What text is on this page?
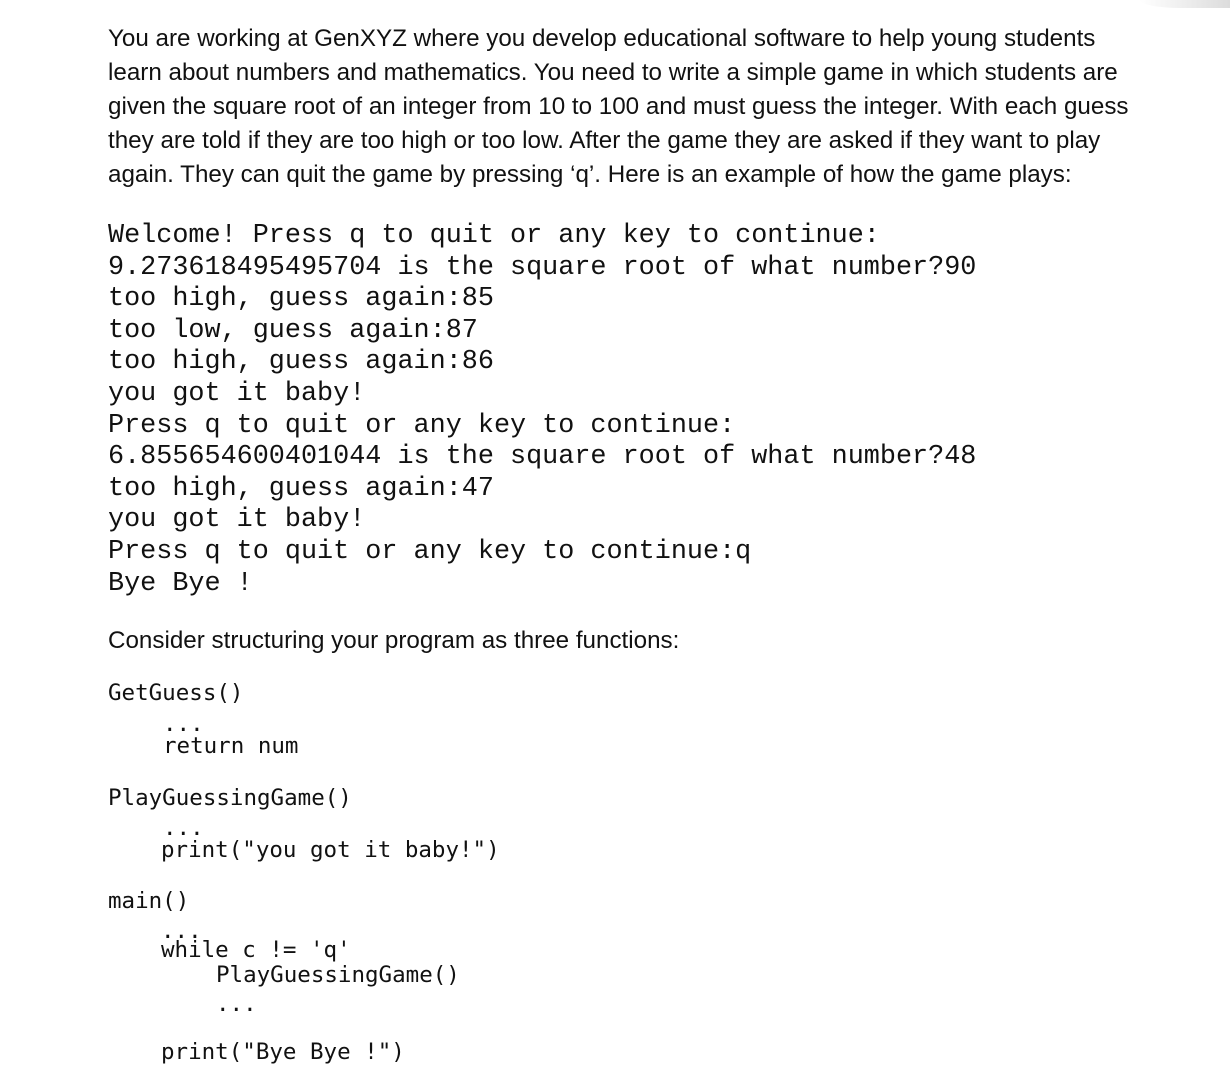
You are working at GenXYZ where you develop educational software to help young students
learn about numbers and mathematics. You need to write a simple game in which students are
given the square root of an integer from 10 to 100 and must guess the integer. With each guess
they are told if they are too high or too low. After the game they are asked if they want to play
again. They can quit the game by pressing ‘q’. Here is an example of how the game plays:
Welcome! Press q to quit or any key to continue:
9.273618495495704 is the square root of what number?90
too high, guess again:85
too low, guess again:87
too high, guess again:86
you got it baby!
Press q to quit or any key to continue:
6.855654600401044 is the square root of what number?48
too high, guess again:47
you got it baby!
Press q to quit or any key to continue:q
Bye Bye !

Consider structuring your program as three functions:

GetGuess()
...
return num
PlayGuessingGame()
...
print("you got it baby!")
main()
...
while c != 'q'
PlayGuessingGame()
...
print("Bye Bye !")
